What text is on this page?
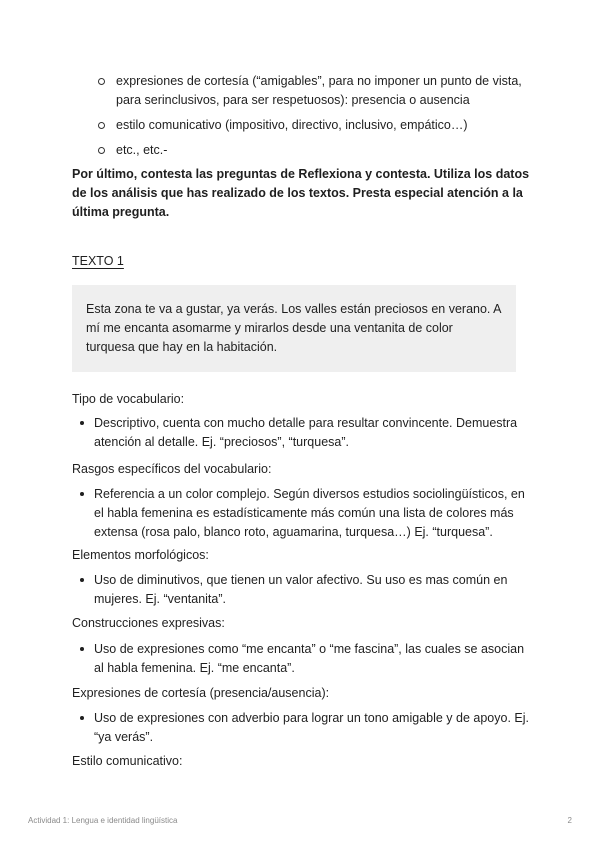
expresiones de cortesía (“amigables”, para no imponer un punto de vista, para serinclusivos, para ser respetuosos): presencia o ausencia
estilo comunicativo (impositivo, directivo, inclusivo, empático…)
etc., etc.-

Por último, contesta las preguntas de Reflexiona y contesta. Utiliza los datos de los análisis que has realizado de los textos. Presta especial atención a la última pregunta.

TEXTO 1
Esta zona te va a gustar, ya verás. Los valles están preciosos en verano. A mí me encanta asomarme y mirarlos desde una ventanita de color turquesa que hay en la habitación.

Tipo de vocabulario:

Descriptivo, cuenta con mucho detalle para resultar convincente. Demuestra atención al detalle. Ej. “preciosos”, “turquesa”.

Rasgos específicos del vocabulario:

Referencia a un color complejo. Según diversos estudios sociolingüísticos, en el habla femenina es estadísticamente más común una lista de colores más extensa (rosa palo, blanco roto, aguamarina, turquesa…) Ej. “turquesa”.

Elementos morfológicos:

Uso de diminutivos, que tienen un valor afectivo. Su uso es mas común en mujeres. Ej. “ventanita”.

Construcciones expresivas:

Uso de expresiones como “me encanta” o “me fascina”, las cuales se asocian al habla femenina. Ej. “me encanta”.

Expresiones de cortesía (presencia/ausencia):

Uso de expresiones con adverbio para lograr un tono amigable y de apoyo. Ej. “ya verás”.

Estilo comunicativo:

Actividad 1: Lengua e identidad lingüística	2
